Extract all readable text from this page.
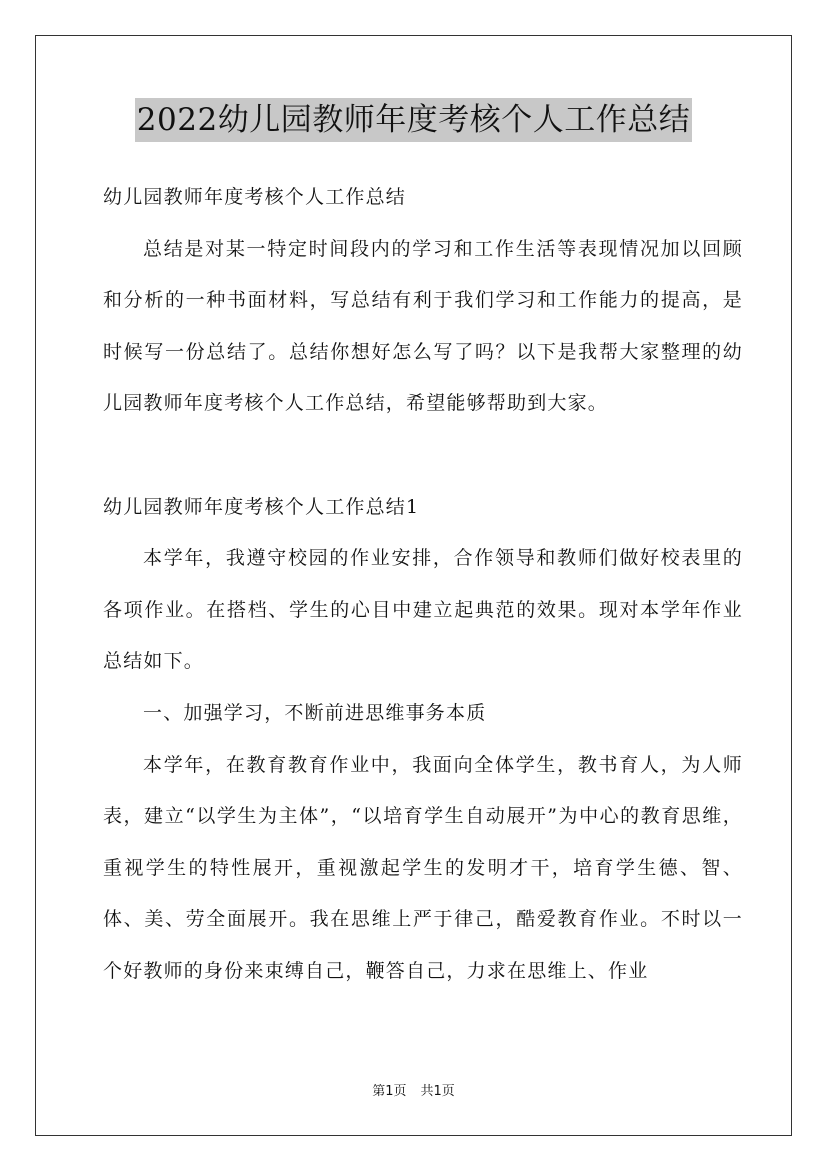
2022幼儿园教师年度考核个人工作总结

幼儿园教师年度考核个人工作总结

总结是对某一特定时间段内的学习和工作生活等表现情况加以回顾和分析的一种书面材料，写总结有利于我们学习和工作能力的提高，是时候写一份总结了。总结你想好怎么写了吗？以下是我帮大家整理的幼儿园教师年度考核个人工作总结，希望能够帮助到大家。

幼儿园教师年度考核个人工作总结1

本学年，我遵守校园的作业安排，合作领导和教师们做好校表里的各项作业。在搭档、学生的心目中建立起典范的效果。现对本学年作业总结如下。

一、加强学习，不断前进思维事务本质

本学年，在教育教育作业中，我面向全体学生，教书育人，为人师表，建立“以学生为主体”，“以培育学生自动展开”为中心的教育思维，重视学生的特性展开，重视激起学生的发明才干，培育学生德、智、体、美、劳全面展开。我在思维上严于律己，酷爱教育作业。不时以一个好教师的身份来束缚自己，鞭答自己，力求在思维上、作业

第1页 共1页
